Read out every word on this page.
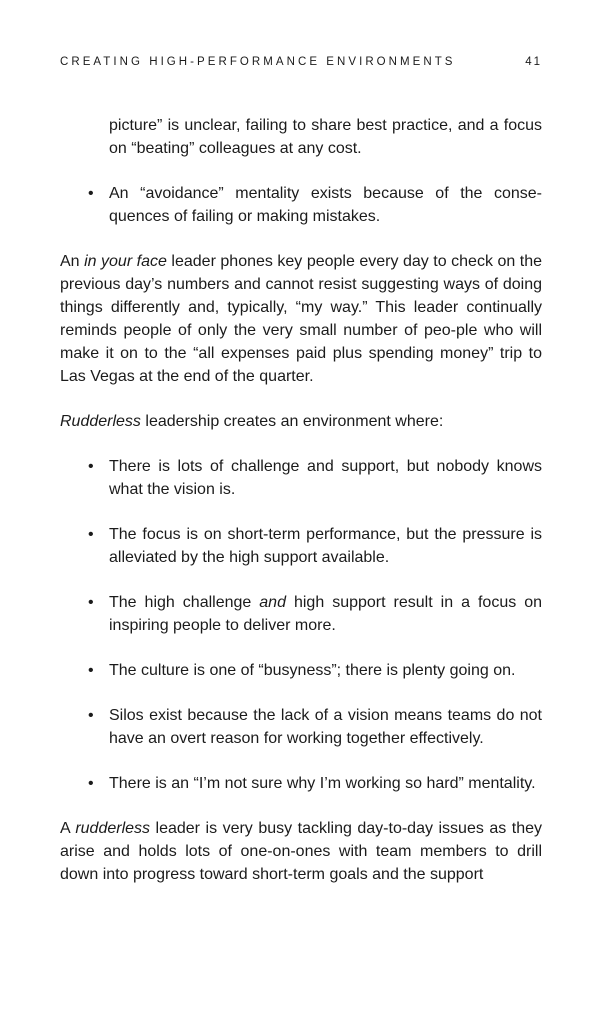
CREATING HIGH-PERFORMANCE ENVIRONMENTS	41

picture” is unclear, failing to share best practice, and a focus on “beating” colleagues at any cost.

• An “avoidance” mentality exists because of the conse-quences of failing or making mistakes.

An in your face leader phones key people every day to check on the previous day’s numbers and cannot resist suggesting ways of doing things differently and, typically, “my way.” This leader continually reminds people of only the very small number of peo-ple who will make it on to the “all expenses paid plus spending money” trip to Las Vegas at the end of the quarter.

Rudderless leadership creates an environment where:

• There is lots of challenge and support, but nobody knows what the vision is.
• The focus is on short-term performance, but the pressure is alleviated by the high support available.
• The high challenge and high support result in a focus on inspiring people to deliver more.
• The culture is one of “busyness”; there is plenty going on.
• Silos exist because the lack of a vision means teams do not have an overt reason for working together effectively.
• There is an “I’m not sure why I’m working so hard” mentality.

A rudderless leader is very busy tackling day-to-day issues as they arise and holds lots of one-on-ones with team members to drill down into progress toward short-term goals and the support
